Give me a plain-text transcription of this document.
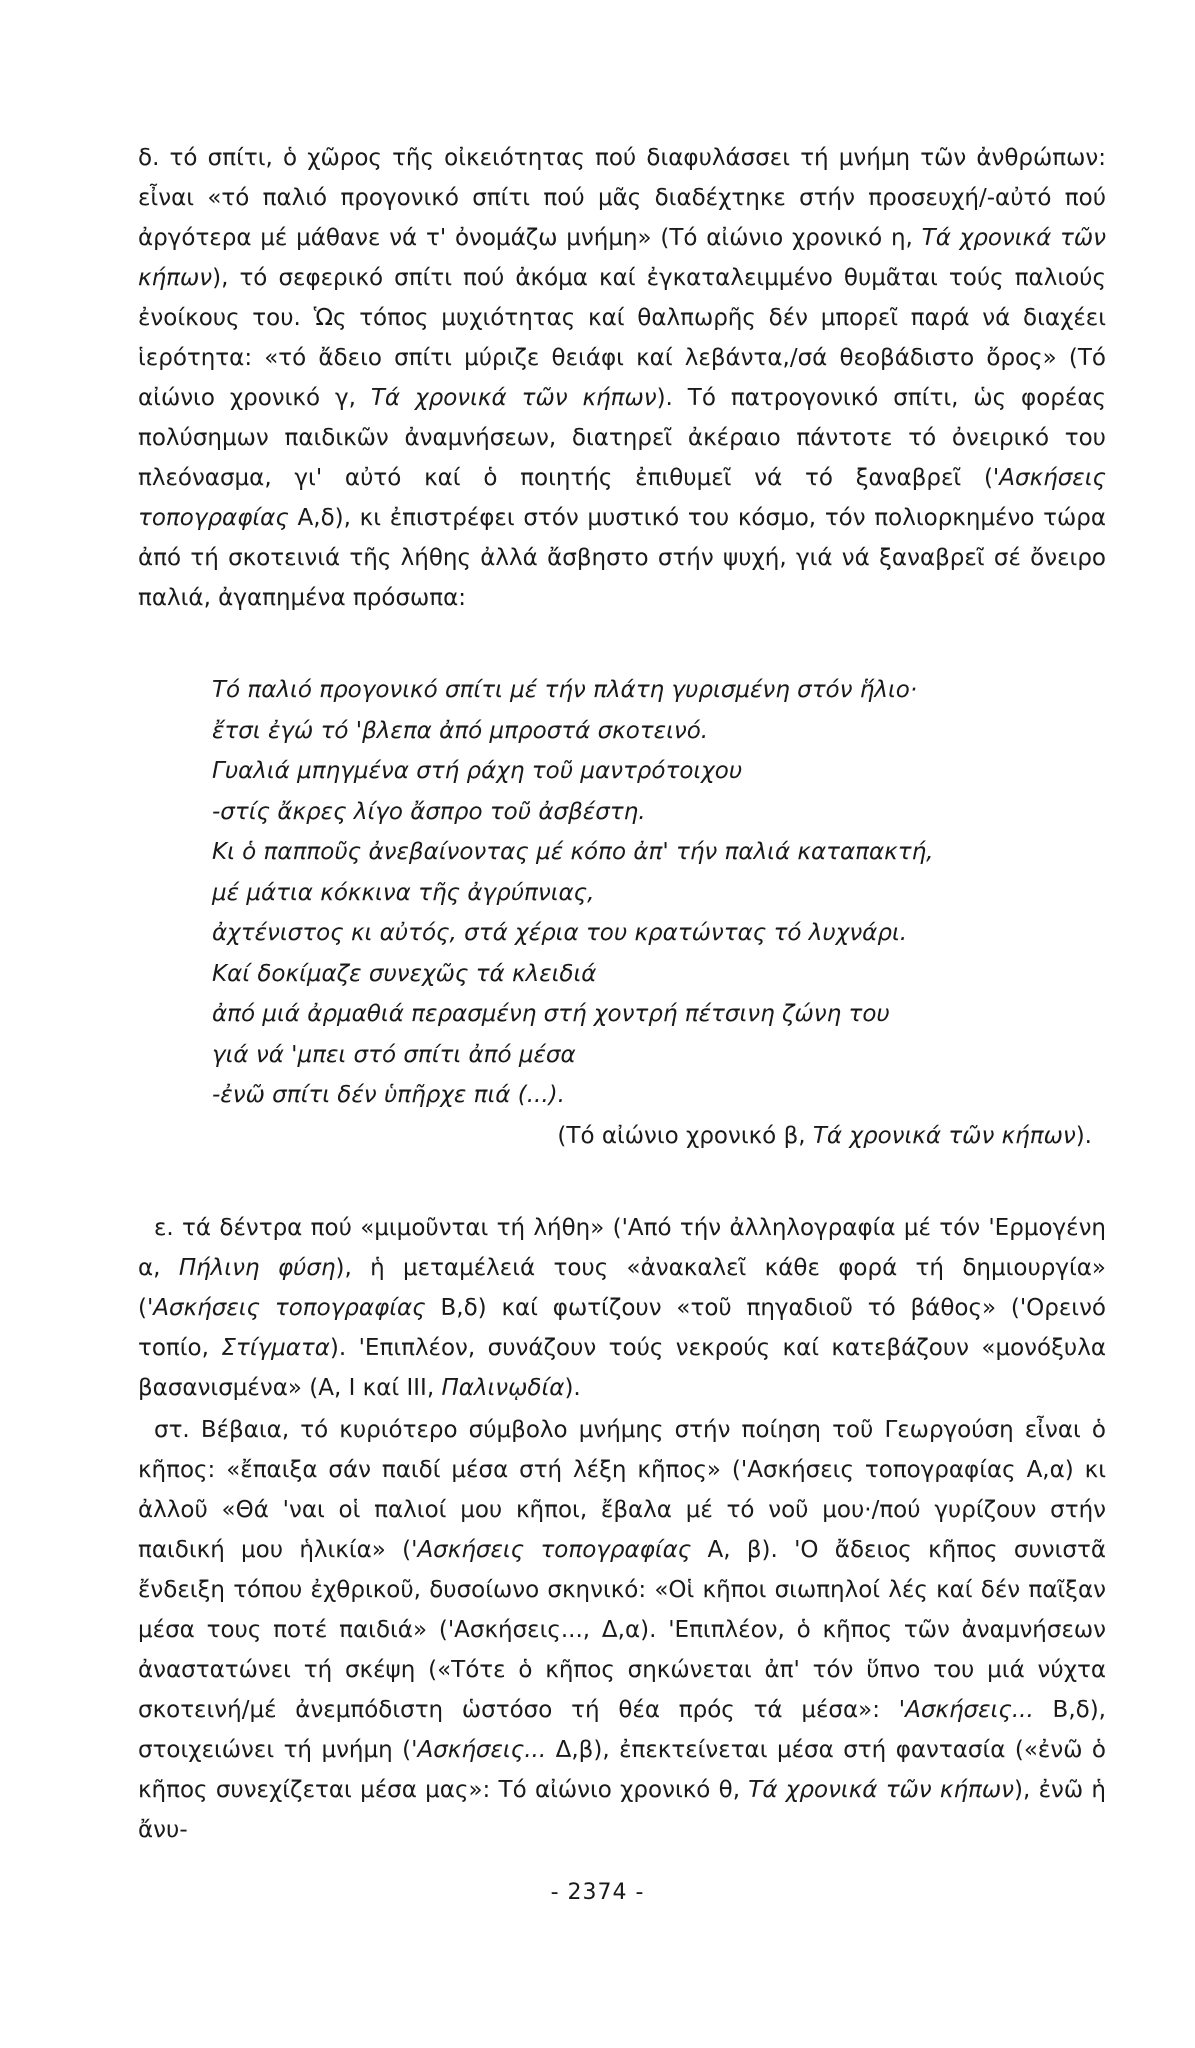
δ. τό σπίτι, ὁ χῶρος τῆς οἰκειότητας πού διαφυλάσσει τή μνήμη τῶν ἀνθρώπων: εἶναι «τό παλιό προγονικό σπίτι πού μᾶς διαδέχτηκε στήν προσευχή/-αὐτό πού ἀργότερα μέ μάθανε νά τ' ὀνομάζω μνήμη» (Τό αἰώνιο χρονικό η, Τά χρονικά τῶν κήπων), τό σεφερικό σπίτι πού ἀκόμα καί ἐγκαταλειμμένο θυμᾶται τούς παλιούς ἐνοίκους του. Ὡς τόπος μυχιότητας καί θαλπωρῆς δέν μπορεῖ παρά νά διαχέει ἱερότητα: «τό ἄδειο σπίτι μύριζε θειάφι καί λεβάντα,/σά θεοβάδιστο ὄρος» (Τό αἰώνιο χρονικό γ, Τά χρονικά τῶν κήπων). Τό πατρογονικό σπίτι, ὡς φορέας πολύσημων παιδικῶν ἀναμνήσεων, διατηρεῖ ἀκέραιο πάντοτε τό ὀνειρικό του πλεόνασμα, γι' αὐτό καί ὁ ποιητής ἐπιθυμεῖ νά τό ξαναβρεῖ ('Ασκήσεις τοπογραφίας Α,δ), κι ἐπιστρέφει στόν μυστικό του κόσμο, τόν πολιορκημένο τώρα ἀπό τή σκοτεινιά τῆς λήθης ἀλλά ἄσβηστο στήν ψυχή, γιά νά ξαναβρεῖ σέ ὄνειρο παλιά, ἀγαπημένα πρόσωπα:

Τό παλιό προγονικό σπίτι μέ τήν πλάτη γυρισμένη στόν ἥλιο·
ἔτσι ἐγώ τό 'βλεπα ἀπό μπροστά σκοτεινό.
Γυαλιά μπηγμένα στή ράχη τοῦ μαντρότοιχου
-στίς ἄκρες λίγο ἄσπρο τοῦ ἀσβέστη.
Κι ὁ παπποῦς ἀνεβαίνοντας μέ κόπο ἀπ' τήν παλιά καταπακτή,
μέ μάτια κόκκινα τῆς ἀγρύπνιας,
ἀχτένιστος κι αὐτός, στά χέρια του κρατώντας τό λυχνάρι.
Καί δοκίμαζε συνεχῶς τά κλειδιά
ἀπό μιά ἀρμαθιά περασμένη στή χοντρή πέτσινη ζώνη του
γιά νά 'μπει στό σπίτι ἀπό μέσα
-ἐνῶ σπίτι δέν ὑπῆρχε πιά (...).
(Τό αἰώνιο χρονικό β, Τά χρονικά τῶν κήπων).

ε. τά δέντρα πού «μιμοῦνται τή λήθη» ('Από τήν ἀλληλογραφία μέ τόν 'Ερμογένη α, Πήλινη φύση), ἡ μεταμέλειά τους «ἀνακαλεῖ κάθε φορά τή δημιουργία» ('Ασκήσεις τοπογραφίας Β,δ) καί φωτίζουν «τοῦ πηγαδιοῦ τό βάθος» ('Ορεινό τοπίο, Στίγματα). 'Επιπλέον, συνάζουν τούς νεκρούς καί κατεβάζουν «μονόξυλα βασανισμένα» (Α, Ι καί ΙΙΙ, Παλινῳδία).

στ. Βέβαια, τό κυριότερο σύμβολο μνήμης στήν ποίηση τοῦ Γεωργούση εἶναι ὁ κῆπος: «ἔπαιξα σάν παιδί μέσα στή λέξη κῆπος» ('Ασκήσεις τοπογραφίας Α,α) κι ἀλλοῦ «Θά 'ναι οἱ παλιοί μου κῆποι, ἔβαλα μέ τό νοῦ μου·/πού γυρίζουν στήν παιδική μου ἡλικία» ('Ασκήσεις τοπογραφίας Α, β). 'Ο ἄδειος κῆπος συνιστᾶ ἔνδειξη τόπου ἐχθρικοῦ, δυσοίωνο σκηνικό: «Οἱ κῆποι σιωπηλοί λές καί δέν παῖξαν μέσα τους ποτέ παιδιά» ('Ασκήσεις..., Δ,α). 'Επιπλέον, ὁ κῆπος τῶν ἀναμνήσεων ἀναστατώνει τή σκέψη («Τότε ὁ κῆπος σηκώνεται ἀπ' τόν ὕπνο του μιά νύχτα σκοτεινή/μέ ἀνεμπόδιστη ὡστόσο τή θέα πρός τά μέσα»: 'Ασκήσεις... Β,δ), στοιχειώνει τή μνήμη ('Ασκήσεις... Δ,β), ἐπεκτείνεται μέσα στή φαντασία («ἐνῶ ὁ κῆπος συνεχίζεται μέσα μας»: Τό αἰώνιο χρονικό θ, Τά χρονικά τῶν κήπων), ἐνῶ ἡ ἄνυ-

- 2374 -
